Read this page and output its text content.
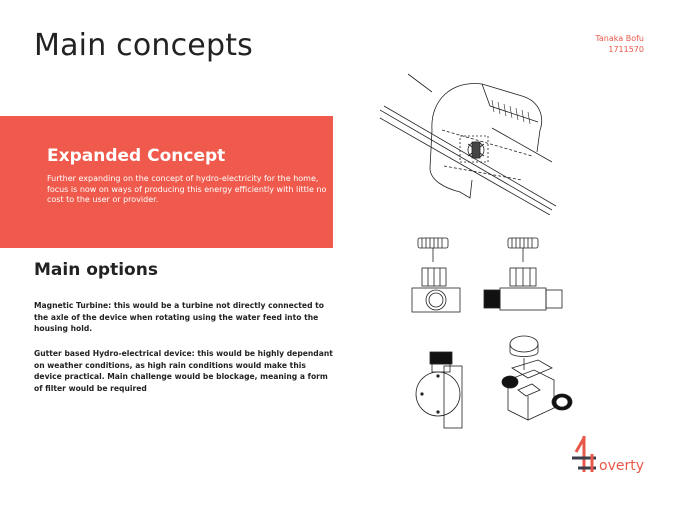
Main concepts	Tanaka Bofu
1711570
Expanded Concept
Further expanding on the concept of hydro-electricity for the home, focus is now on ways of producing this energy efficiently with little no cost to the user or provider.
Main options
Magnetic Turbine: this would be a turbine not directly connected to the axle of the device when rotating using the water feed into the housing hold.
Gutter based Hydro-electrical device: this would be highly dependant on weather conditions, as high rain conditions would make this device practical. Main challenge would be blockage, meaning a form of filter would be required
overty
